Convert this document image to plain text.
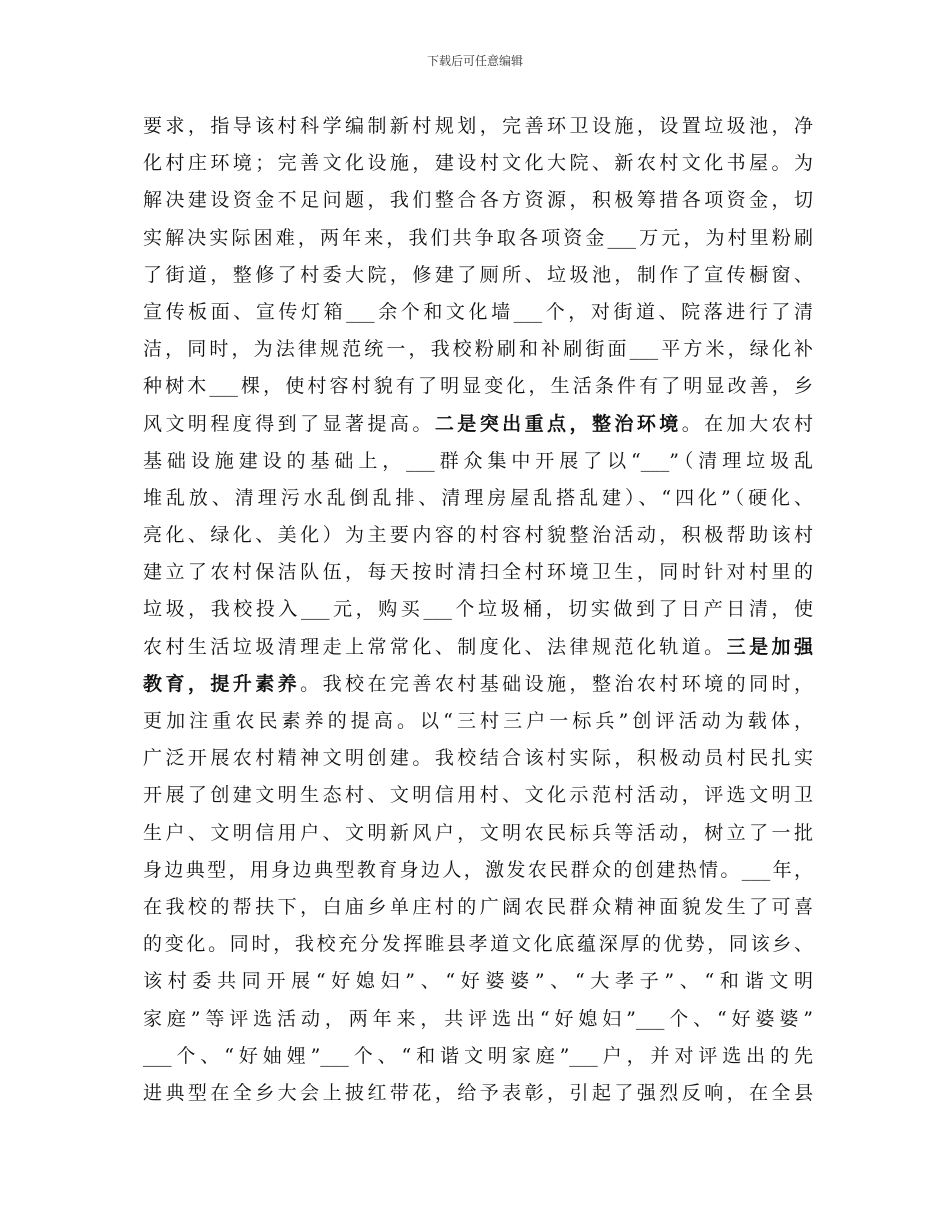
下载后可任意编辑
要求，指导该村科学编制新村规划，完善环卫设施，设置垃圾池，净
化村庄环境；完善文化设施，建设村文化大院、新农村文化书屋。为
解决建设资金不足问题，我们整合各方资源，积极筹措各项资金，切
实解决实际困难，两年来，我们共争取各项资金___万元，为村里粉刷
了街道，整修了村委大院，修建了厕所、垃圾池，制作了宣传橱窗、
宣传板面、宣传灯箱___余个和文化墙___个，对街道、院落进行了清
洁，同时，为法律规范统一，我校粉刷和补刷街面___平方米，绿化补
种树木___棵，使村容村貌有了明显变化，生活条件有了明显改善，乡
风文明程度得到了显著提高。二是突出重点，整治环境。在加大农村
基础设施建设的基础上，___群众集中开展了以“___”（清理垃圾乱
堆乱放、清理污水乱倒乱排、清理房屋乱搭乱建）、“四化”（硬化、
亮化、绿化、美化）为主要内容的村容村貌整治活动，积极帮助该村
建立了农村保洁队伍，每天按时清扫全村环境卫生，同时针对村里的
垃圾，我校投入___元，购买___个垃圾桶，切实做到了日产日清，使
农村生活垃圾清理走上常常化、制度化、法律规范化轨道。三是加强
教育，提升素养。我校在完善农村基础设施，整治农村环境的同时，
更加注重农民素养的提高。以“三村三户一标兵”创评活动为载体，
广泛开展农村精神文明创建。我校结合该村实际，积极动员村民扎实
开展了创建文明生态村、文明信用村、文化示范村活动，评选文明卫
生户、文明信用户、文明新风户，文明农民标兵等活动，树立了一批
身边典型，用身边典型教育身边人，激发农民群众的创建热情。___年，
在我校的帮扶下，白庙乡单庄村的广阔农民群众精神面貌发生了可喜
的变化。同时，我校充分发挥睢县孝道文化底蕴深厚的优势，同该乡、
该村委共同开展“好媳妇”、“好婆婆”、“大孝子”、“和谐文明
家庭”等评选活动，两年来，共评选出“好媳妇”___个、“好婆婆”
___个、“好妯娌”___个、“和谐文明家庭”___户，并对评选出的先
进典型在全乡大会上披红带花，给予表彰，引起了强烈反响，在全县
